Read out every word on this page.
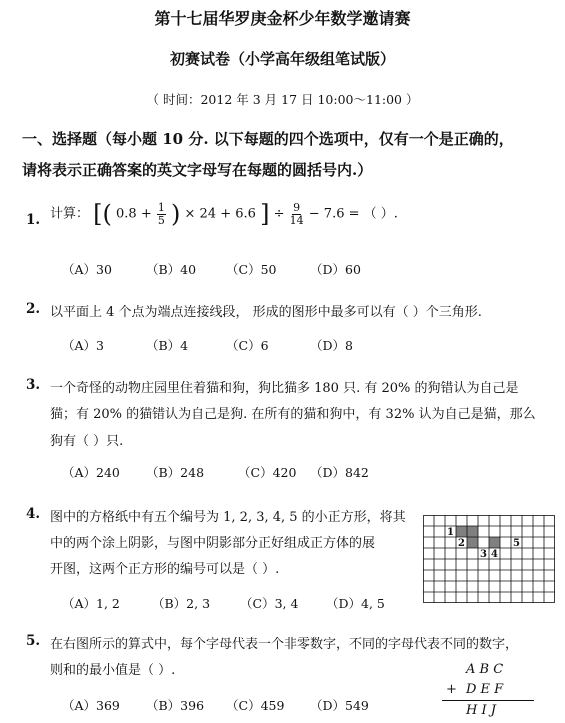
第十七届华罗庚金杯少年数学邀请赛
初赛试卷（小学高年级组笔试版）
（ 时间：2012 年 3 月 17 日 10:00～11:00 ）
一、选择题（每小题 10 分. 以下每题的四个选项中，仅有一个是正确的，
请将表示正确答案的英文字母写在每题的圆括号内.）
1. 计算： [( $0.8 + \frac{1}{5}$ ) × 24 + 6.6 ] ÷ $\frac{9}{14} - 7.6$ = （ ）.
（A）30	（B）40 （C）50	（D）60
2. 以平面上 4 个点为端点连接线段， 形成的图形中最多可以有（ ）个三角形.
（A）3	（B）4	（C）6	（D）8
3. 一个奇怪的动物庄园里住着猫和狗，狗比猫多 180 只. 有 20% 的狗错认为自己是
猫；有 20% 的猫错认为自己是狗. 在所有的猫和狗中，有 32% 认为自己是猫，那么
狗有（ ）只.
（A）240 （B）248	（C）420 （D）842
4. 图中的方格纸中有五个编号为 1, 2, 3, 4, 5 的小正方形，将其
中的两个涂上阴影，与图中阴影部分正好组成正方体的展
开图，这两个正方形的编号可以是（ ）.
（A）1, 2	（B）2, 3 （C）3, 4 （D）4, 5
1
2
3 4
5
5. 在右图所示的算式中，每个字母代表一个非零数字，不同的字母代表不同的数字，
则和的最小值是（ ）.
（A）369 （B）396 （C）459 （D）549
A B C
+ D E F
H I J
